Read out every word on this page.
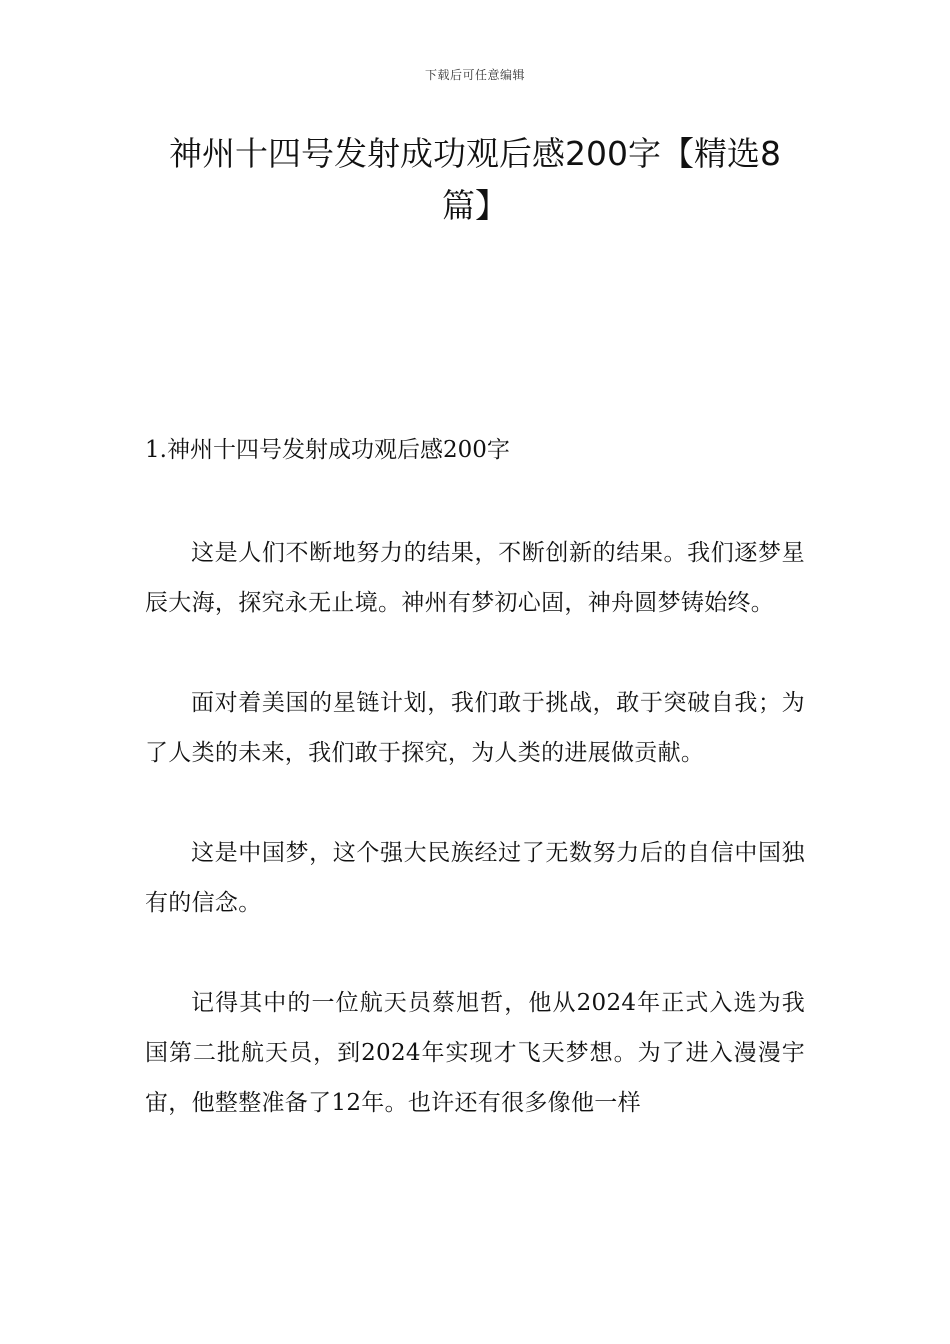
下载后可任意编辑
神州十四号发射成功观后感200字【精选8篇】

1.神州十四号发射成功观后感200字

这是人们不断地努力的结果，不断创新的结果。我们逐梦星辰大海，探究永无止境。神州有梦初心固，神舟圆梦铸始终。

面对着美国的星链计划，我们敢于挑战，敢于突破自我；为了人类的未来，我们敢于探究，为人类的进展做贡献。

这是中国梦，这个强大民族经过了无数努力后的自信中国独有的信念。

记得其中的一位航天员蔡旭哲，他从2024年正式入选为我国第二批航天员，到2024年实现才飞天梦想。为了进入漫漫宇宙，他整整准备了12年。也许还有很多像他一样
